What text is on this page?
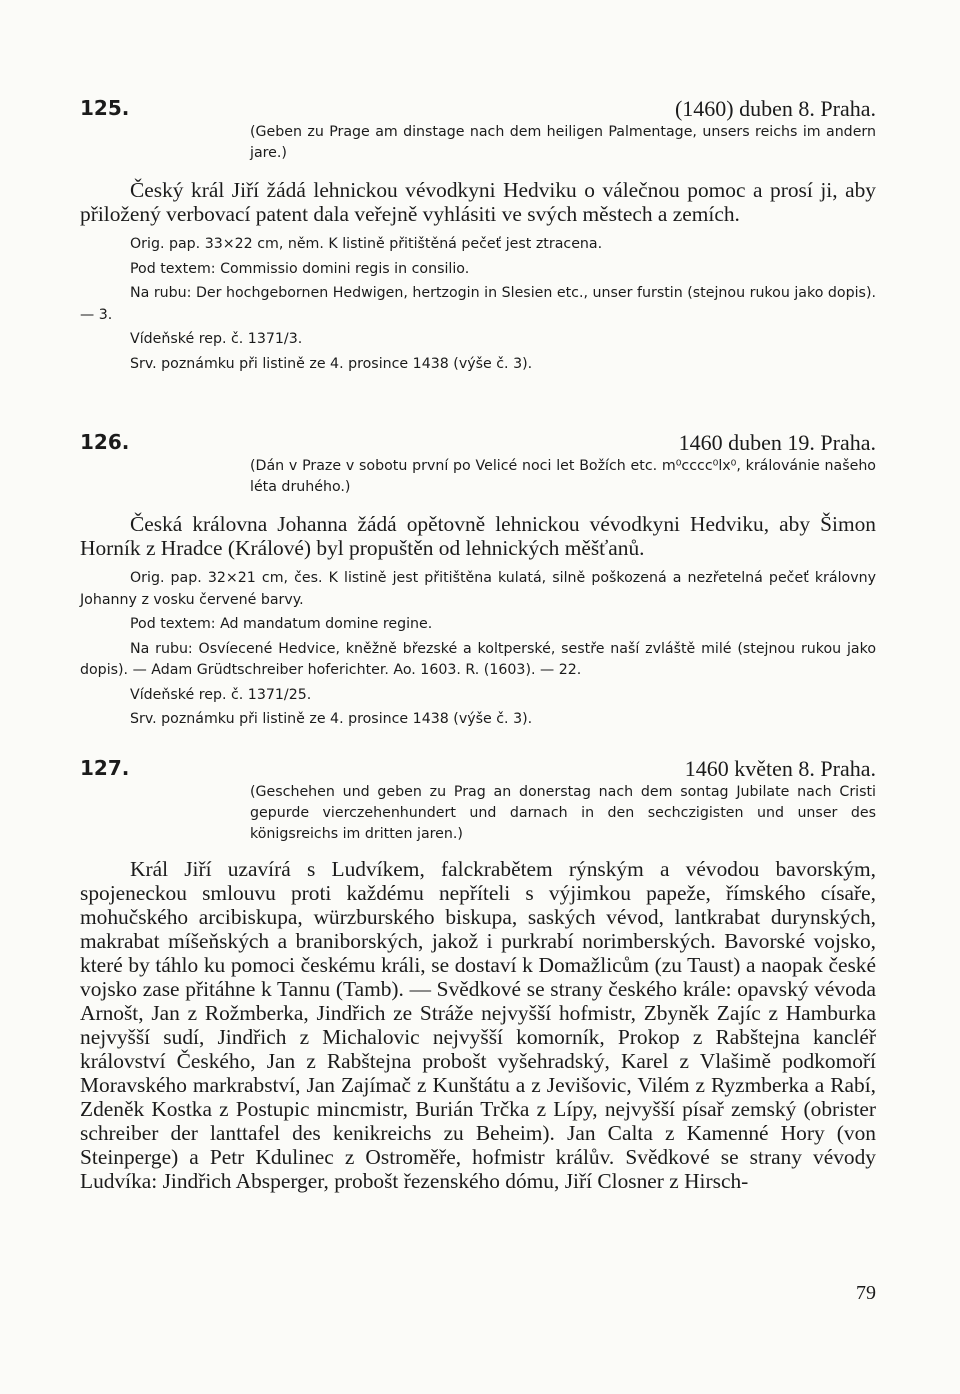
125.	(1460) duben 8. Praha.
(Geben zu Prage am dinstage nach dem heiligen Palmentage, unsers reichs im andern jare.)
Český král Jiří žádá lehnickou vévodkyni Hedviku o válečnou pomoc a prosí ji, aby přiložený verbovací patent dala veřejně vyhlásiti ve svých městech a zemích.

Orig. pap. 33×22 cm, něm. K listině přitištěná pečeť jest ztracena.

Pod textem: Commissio domini regis in consilio.

Na rubu: Der hochgebornen Hedwigen, hertzogin in Slesien etc., unser furstin (stejnou rukou jako dopis). — 3.

Vídeňské rep. č. 1371/3.

Srv. poznámku při listině ze 4. prosince 1438 (výše č. 3).

126.	1460 duben 19. Praha.
(Dán v Praze v sobotu první po Velicé noci let Božích etc. m⁰cccc⁰lx⁰, královánie našeho léta druhého.)
Česká královna Johanna žádá opětovně lehnickou vévodkyni Hedviku, aby Šimon Horník z Hradce (Králové) byl propuštěn od lehnických měšťanů.

Orig. pap. 32×21 cm, čes. K listině jest přitištěna kulatá, silně poškozená a nezřetelná pečeť královny Johanny z vosku červené barvy.

Pod textem: Ad mandatum domine regine.

Na rubu: Osvíecené Hedvice, kněžně březské a koltperské, sestře naší zvláště milé (stejnou rukou jako dopis). — Adam Grüdtschreiber hoferichter. Ao. 1603. R. (1603). — 22.

Vídeňské rep. č. 1371/25.

Srv. poznámku při listině ze 4. prosince 1438 (výše č. 3).

127.	1460 květen 8. Praha.
(Geschehen und geben zu Prag an donerstag nach dem sontag Jubilate nach Cristi gepurde vierczehenhundert und darnach in den sechczigisten und unser des königsreichs im dritten jaren.)
Král Jiří uzavírá s Ludvíkem, falckrabětem rýnským a vévodou bavorským, spojeneckou smlouvu proti každému nepříteli s výjimkou papeže, římského císaře, mohučského arcibiskupa, würzburského biskupa, saských vévod, lantkrabat durynských, makrabat míšeňských a braniborských, jakož i purkrabí norimberských. Bavorské vojsko, které by táhlo ku pomoci českému králi, se dostaví k Domažlicům (zu Taust) a naopak české vojsko zase přitáhne k Tannu (Tamb). — Svědkové se strany českého krále: opavský vévoda Arnošt, Jan z Rožmberka, Jindřich ze Stráže nejvyšší hofmistr, Zbyněk Zajíc z Hamburka nejvyšší sudí, Jindřich z Michalovic nejvyšší komorník, Prokop z Rabštejna kancléř království Českého, Jan z Rabštejna probošt vyšehradský, Karel z Vlašimě podkomoří Moravského markrabství, Jan Zajímač z Kunštátu a z Jevišovic, Vilém z Ryzmberka a Rabí, Zdeněk Kostka z Postupic mincmistr, Burián Trčka z Lípy, nejvyšší písař zemský (obrister schreiber der lanttafel des kenikreichs zu Beheim). Jan Calta z Kamenné Hory (von Steinperge) a Petr Kdulinec z Ostroměře, hofmistr králův. Svědkové se strany vévody Ludvíka: Jindřich Absperger, probošt řezenského dómu, Jiří Closner z Hirsch-
79
